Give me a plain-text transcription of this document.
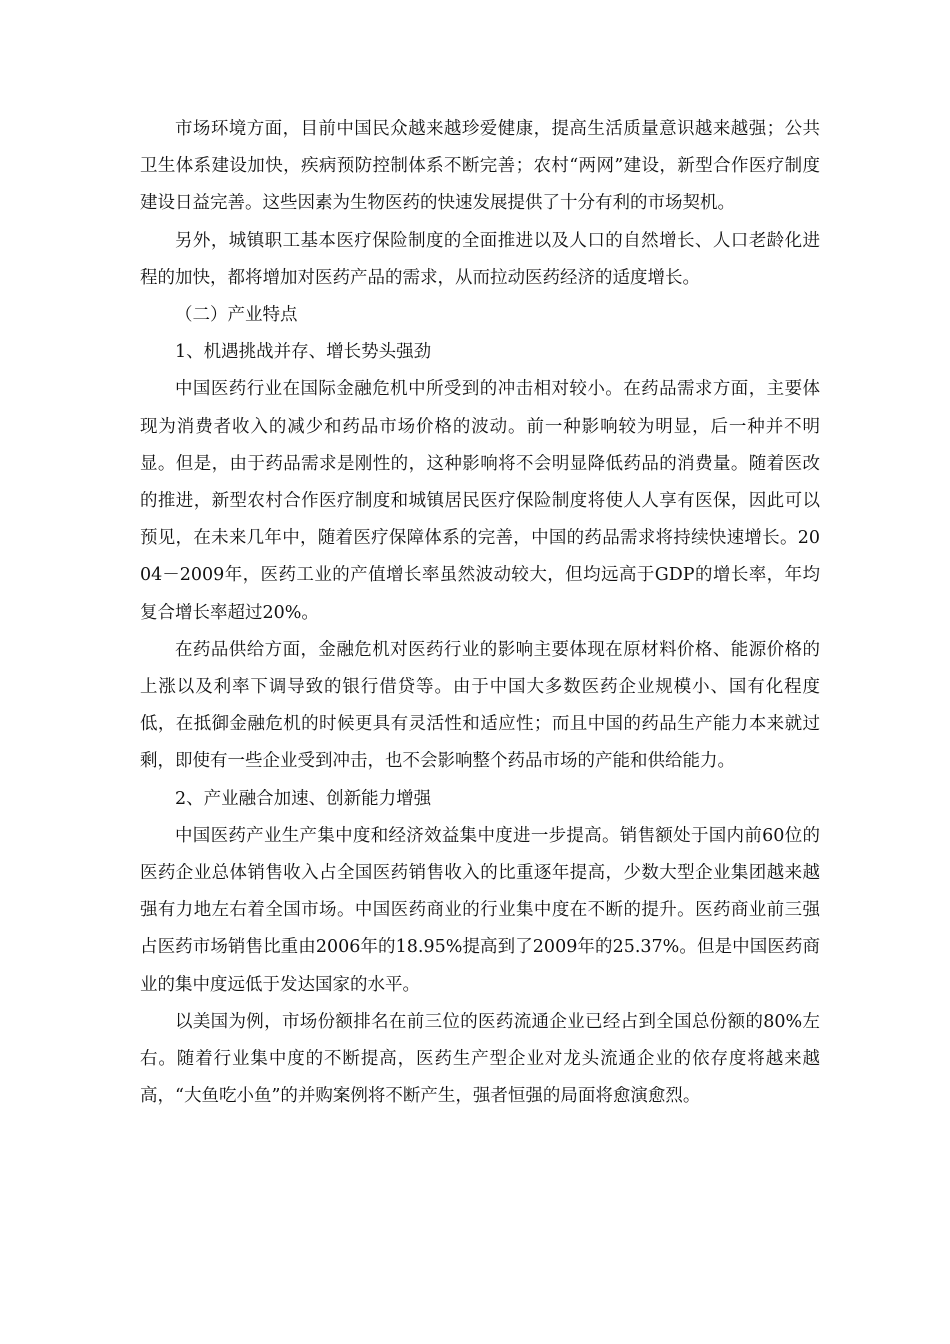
市场环境方面，目前中国民众越来越珍爱健康，提高生活质量意识越来越强；公共卫生体系建设加快，疾病预防控制体系不断完善；农村“两网”建设，新型合作医疗制度建设日益完善。这些因素为生物医药的快速发展提供了十分有利的市场契机。

另外，城镇职工基本医疗保险制度的全面推进以及人口的自然增长、人口老龄化进程的加快，都将增加对医药产品的需求，从而拉动医药经济的适度增长。

（二）产业特点

1、机遇挑战并存、增长势头强劲

中国医药行业在国际金融危机中所受到的冲击相对较小。在药品需求方面，主要体现为消费者收入的减少和药品市场价格的波动。前一种影响较为明显，后一种并不明显。但是，由于药品需求是刚性的，这种影响将不会明显降低药品的消费量。随着医改的推进，新型农村合作医疗制度和城镇居民医疗保险制度将使人人享有医保，因此可以预见，在未来几年中，随着医疗保障体系的完善，中国的药品需求将持续快速增长。2004－2009年，医药工业的产值增长率虽然波动较大，但均远高于GDP的增长率，年均复合增长率超过20%。

在药品供给方面，金融危机对医药行业的影响主要体现在原材料价格、能源价格的上涨以及利率下调导致的银行借贷等。由于中国大多数医药企业规模小、国有化程度低，在抵御金融危机的时候更具有灵活性和适应性；而且中国的药品生产能力本来就过剩，即使有一些企业受到冲击，也不会影响整个药品市场的产能和供给能力。

2、产业融合加速、创新能力增强

中国医药产业生产集中度和经济效益集中度进一步提高。销售额处于国内前60位的医药企业总体销售收入占全国医药销售收入的比重逐年提高，少数大型企业集团越来越强有力地左右着全国市场。中国医药商业的行业集中度在不断的提升。医药商业前三强占医药市场销售比重由2006年的18.95%提高到了2009年的25.37%。但是中国医药商业的集中度远低于发达国家的水平。

以美国为例，市场份额排名在前三位的医药流通企业已经占到全国总份额的80%左右。随着行业集中度的不断提高，医药生产型企业对龙头流通企业的依存度将越来越高，“大鱼吃小鱼”的并购案例将不断产生，强者恒强的局面将愈演愈烈。
